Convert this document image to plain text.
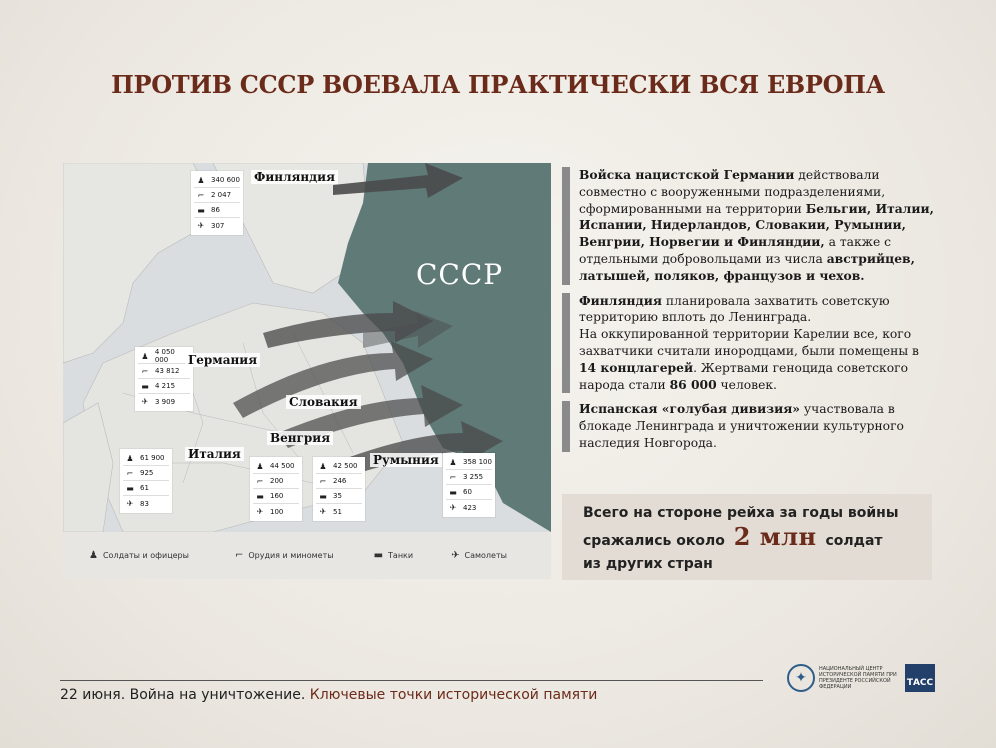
ПРОТИВ СССР ВОЕВАЛА ПРАКТИЧЕСКИ ВСЯ ЕВРОПА
СССР
♟ 340 600
⌐ 2 047
▬ 86
✈ 307
Финляндия
♟ 4 050 000
⌐ 43 812
▬ 4 215
✈ 3 909
Германия
Словакия
Венгрия
♟ 44 500
⌐ 200
▬ 160
✈ 100
♟ 42 500
⌐ 246
▬ 35
✈ 51
♟ 61 900
⌐ 925
▬ 61
✈ 83
Италия	Румыния	♟ 358 100
⌐ 3 255
▬ 60
✈ 423
♟ Солдаты и офицеры	⌐ Орудия и минометы	▬ Танки	✈ Самолеты
Войска нацистской Германии действовали совместно с вооруженными подразделениями, сформированными на территории Бельгии, Италии, Испании, Нидерландов, Словакии, Румынии, Венгрии, Норвегии и Финляндии, а также с отдельными добровольцами из числа австрийцев, латышей, поляков, французов и чехов.
Финляндия планировала захватить советскую территорию вплоть до Ленинграда.
На оккупированной территории Карелии все, кого захватчики считали инородцами, были помещены в 14 концлагерей. Жертвами геноцида советского народа стали 86 000 человек.
Испанская «голубая дивизия» участвовала в блокаде Ленинграда и уничтожении культурного наследия Новгорода.
Всего на стороне рейха за годы войны
сражались около 2 млн солдат
из других стран
22 июня. Война на уничтожение. Ключевые точки исторической памяти
✦
НАЦИОНАЛЬНЫЙ ЦЕНТР ИСТОРИЧЕСКОЙ ПАМЯТИ ПРИ ПРЕЗИДЕНТЕ РОССИЙСКОЙ ФЕДЕРАЦИИ	ТАСС
